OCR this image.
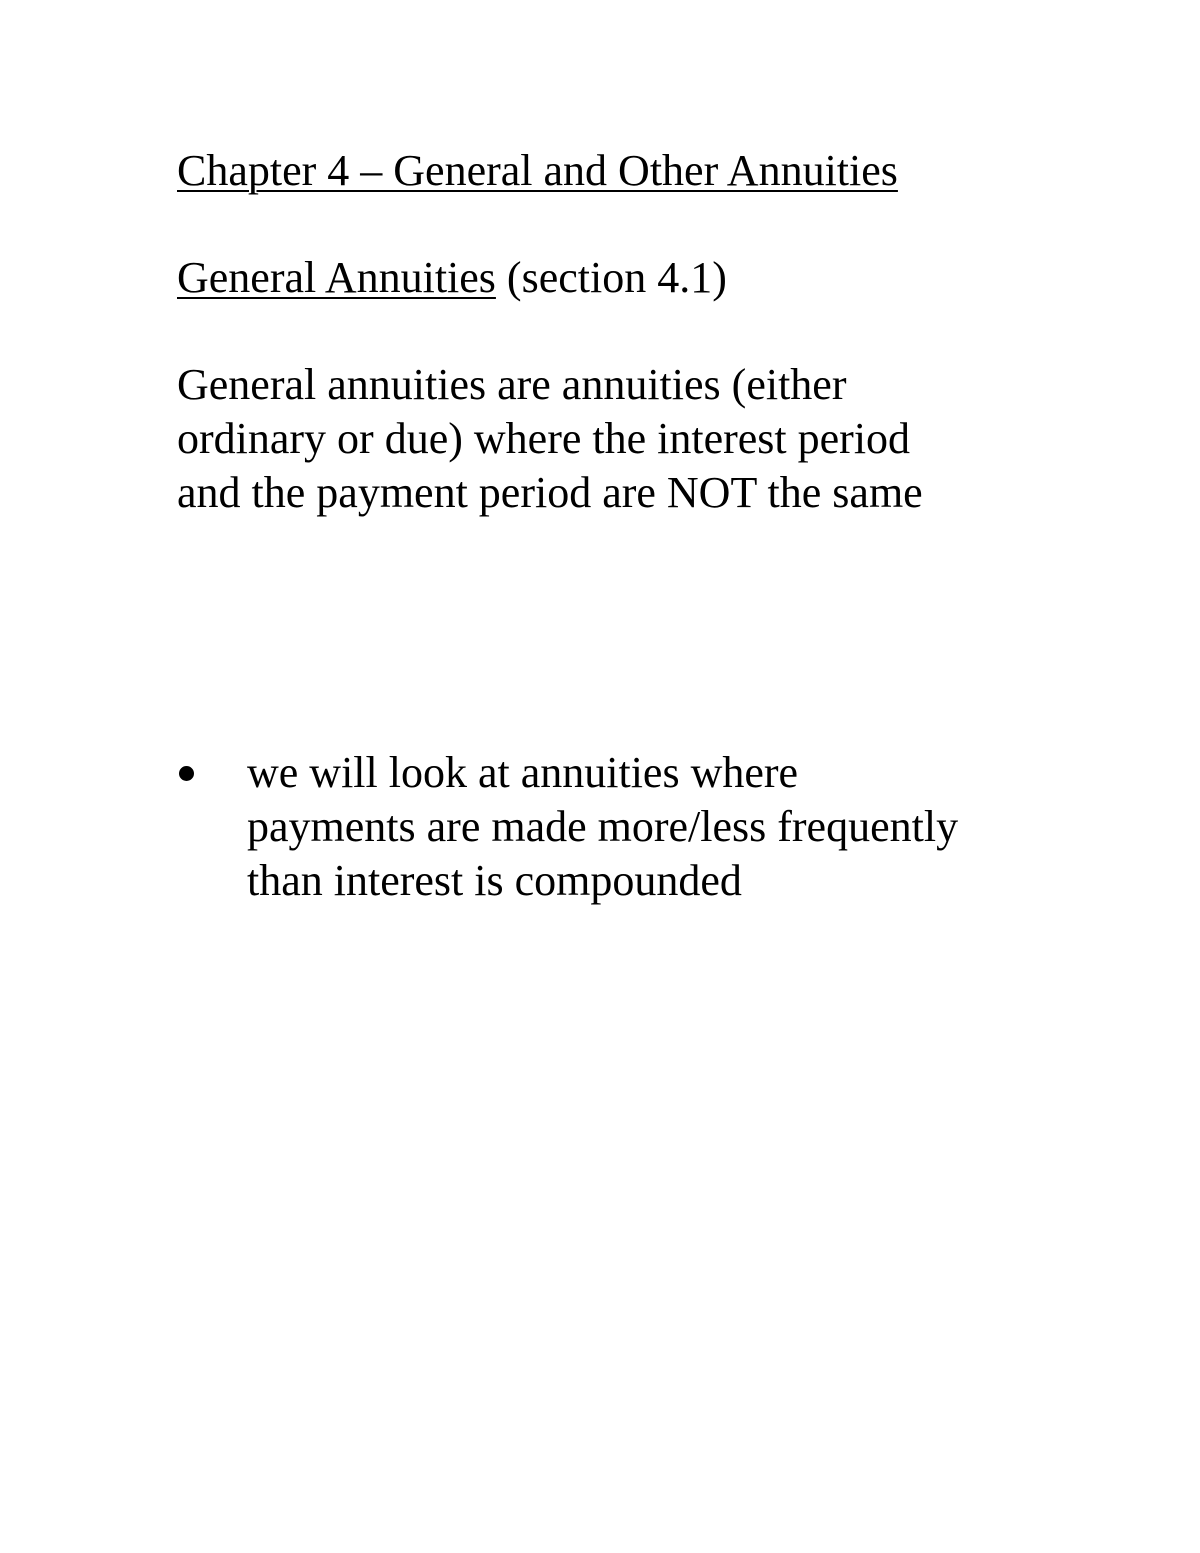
Chapter 4 – General and Other Annuities
General Annuities (section 4.1)

General annuities are annuities (either
ordinary or due) where the interest period
and the payment period are NOT the same

we will look at annuities where
payments are made more/less frequently
than interest is compounded
